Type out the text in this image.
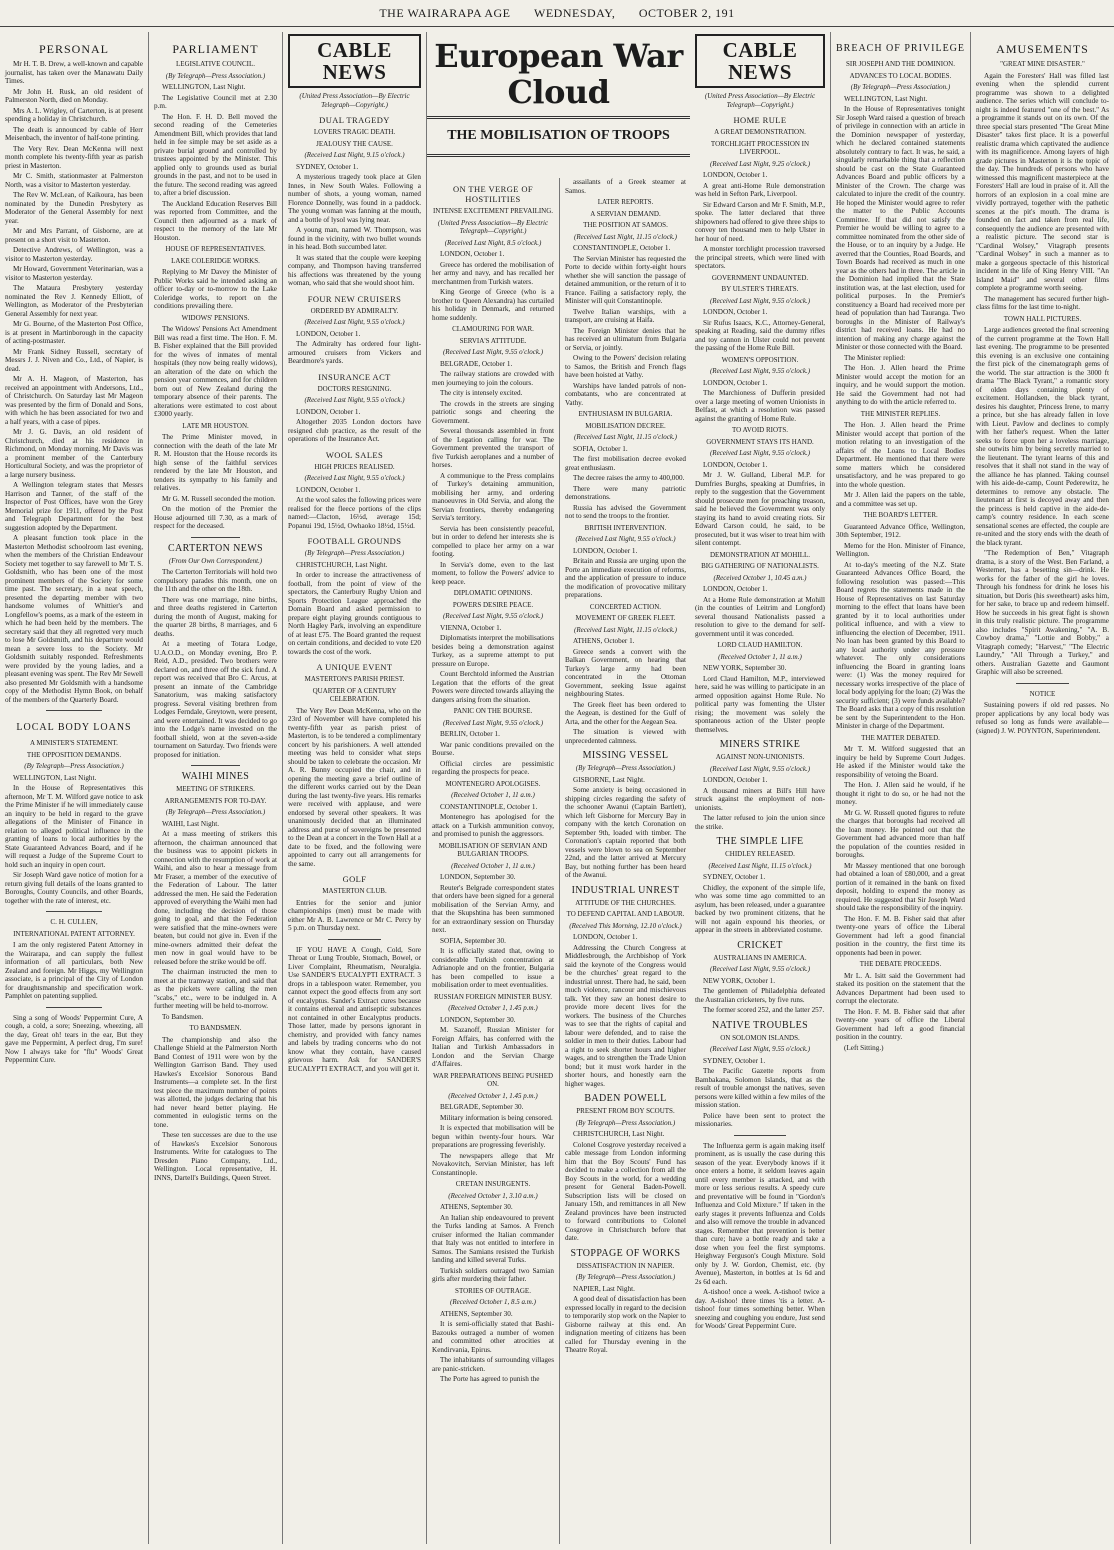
THE WAIRARAPA AGE WEDNESDAY, OCTOBER 2, 191
PERSONAL

Mr H. T. B. Drew, a well-known and capable journalist, has taken over the Manawatu Daily Times.

Mr John H. Rusk, an old resident of Palmerston North, died on Monday.

Mrs A. L. Wrigley, of Carterton, is at present spending a holiday in Christchurch.

The death is announced by cable of Herr Meisenbach, the inventor of half-tone printing.

The Very Rev. Dean McKenna will next month complete his twenty-fifth year as parish priest in Masterton.

Mr C. Smith, stationmaster at Palmerston North, was a visitor to Masterton yesterday.

The Rev W. McLean, of Kaikoura, has been nominated by the Dunedin Presbytery as Moderator of the General Assembly for next year.

Mr and Mrs Parrant, of Gisborne, are at present on a short visit to Masterton.

Detective Andrews, of Wellington, was a visitor to Masterton yesterday.

Mr Howard, Government Veterinarian, was a visitor to Masterton yesterday.

The Mataura Presbytery yesterday nominated the Rev J. Kennedy Elliott, of Wellington, as Moderator of the Presbyterian General Assembly for next year.

Mr G. Bourne, of the Masterton Post Office, is at present in Martinborough in the capacity of acting-postmaster.

Mr Frank Sidney Russell, secretary of Messrs J. J. Niven and Co., Ltd., of Napier, is dead.

Mr A. H. Mageon, of Masterton, has received an appointment with Andersons, Ltd., of Christchurch. On Saturday last Mr Mageon was presented by the firm of Donald and Sons, with which he has been associated for two and a half years, with a case of pipes.

Mr J. G. Davis, an old resident of Christchurch, died at his residence in Richmond, on Monday morning. Mr Davis was a prominent member of the Canterbury Horticultural Society, and was the proprietor of a large nursery business.

A Wellington telegram states that Messrs Harrison and Tanner, of the staff of the Inspector of Post Offices, have won the Grey Memorial prize for 1911, offered by the Post and Telegraph Department for the best suggestion adopted by the Department.

A pleasant function took place in the Masterton Methodist schoolroom last evening, when the members of the Christian Endeavour Society met together to say farewell to Mr T. S. Goldsmith, who has been one of the most prominent members of the Society for some time past. The secretary, in a neat speech, presented the departing member with two handsome volumes of Whittier's and Longfellow's poems, as a mark of the esteem in which he had been held by the members. The secretary said that they all regretted very much to lose Mr Goldsmith, and his departure would mean a severe loss to the Society. Mr Goldsmith suitably responded. Refreshments were provided by the young ladies, and a pleasant evening was spent. The Rev Mr Sewell also presented Mr Goldsmith with a handsome copy of the Methodist Hymn Book, on behalf of the members of the Quarterly Board.

LOCAL BODY LOANS
A MINISTER'S STATEMENT.
THE OPPOSITION DEMANDS.
(By Telegraph—Press Association.)

WELLINGTON, Last Night.

In the House of Representatives this afternoon, Mr T. M. Wilford gave notice to ask the Prime Minister if he will immediately cause an inquiry to be held in regard to the grave allegations of the Minister of Finance in relation to alleged political influence in the granting of loans to local authorities by the State Guaranteed Advances Board, and if he will request a Judge of the Supreme Court to hold such an inquiry in open court.

Sir Joseph Ward gave notice of motion for a return giving full details of the loans granted to Boroughs, County Councils, and other Boards, together with the rate of interest, etc.

C. H. CULLEN,
INTERNATIONAL PATENT ATTORNEY.

I am the only registered Patent Attorney in the Wairarapa, and can supply the fullest information of all particulars, both New Zealand and foreign. Mr Higgs, my Wellington associate, is a principal of the City of London for draughtsmanship and specification work. Pamphlet on patenting supplied.

Sing a song of Woods' Peppermint Cure, A cough, a cold, a sore; Sneezing, wheezing, all the day, Great oh! tears in the ear, But they gave me Peppermint, A perfect drug, I'm sure! Now I always take for "flu" Woods' Great Peppermint Cure.

PARLIAMENT
LEGISLATIVE COUNCIL.
(By Telegraph—Press Association.)

WELLINGTON, Last Night.

The Legislative Council met at 2.30 p.m.

The Hon. F. H. D. Bell moved the second reading of the Cemeteries Amendment Bill, which provides that land held in fee simple may be set aside as a private burial ground and controlled by trustees appointed by the Minister. This applied only to grounds used as burial grounds in the past, and not to be used in the future. The second reading was agreed to, after a brief discussion.

The Auckland Education Reserves Bill was reported from Committee, and the Council then adjourned as a mark of respect to the memory of the late Mr Houston.

HOUSE OF REPRESENTATIVES.
LAKE COLERIDGE WORKS.

Replying to Mr Davey the Minister of Public Works said he intended asking an officer to-day or to-morrow to the Lake Coleridge works, to report on the conditions prevailing there.

WIDOWS' PENSIONS.

The Widows' Pensions Act Amendment Bill was read a first time. The Hon. F. M. B. Fisher explained that the Bill provided for the wives of inmates of mental hospitals (they now being really widows), an alteration of the date on which the pension year commences, and for children born out of New Zealand during the temporary absence of their parents. The alterations were estimated to cost about £3000 yearly.

LATE MR HOUSTON.

The Prime Minister moved, in connection with the death of the late Mr R. M. Houston that the House records its high sense of the faithful services rendered by the late Mr Houston, and tenders its sympathy to his family and relatives.

Mr G. M. Russell seconded the motion.

On the motion of the Premier the House adjourned till 7.30, as a mark of respect for the deceased.

CARTERTON NEWS
(From Our Own Correspondent.)

The Carterton Territorials will hold two compulsory parades this month, one on the 11th and the other on the 18th.

There was one marriage, nine births, and three deaths registered in Carterton during the month of August, making for the quarter 28 births, 8 marriages, and 6 deaths.

At a meeting of Totara Lodge, U.A.O.D., on Monday evening, Bro P. Reid, A.D., presided. Two brothers were declared on, and three off the sick fund. A report was received that Bro C. Arcus, at present an inmate of the Cambridge Sanatorium, was making satisfactory progress. Several visiting brethren from Lodges Ferndale, Greytown, were present, and were entertained. It was decided to go into the Lodge's name invested on the football shield, won at the seven-a-side tournament on Saturday. Two friends were proposed for initiation.

WAIHI MINES
MEETING OF STRIKERS.
ARRANGEMENTS FOR TO-DAY.
(By Telegraph—Press Association.)

WAIHI, Last Night.

At a mass meeting of strikers this afternoon, the chairman announced that the business was to appoint pickets in connection with the resumption of work at Waihi, and also to hear a message from Mr Fraser, a member of the executive of the Federation of Labour. The latter addressed the men. He said the Federation approved of everything the Waihi men had done, including the decision of those going to goal, and that the Federation were satisfied that the mine-owners were beaten, but could not give in. Even if the mine-owners admitted their defeat the men now in goal would have to be released before the strike would be off.

The chairman instructed the men to meet at the tramway station, and said that as the pickets were calling the men "scabs," etc., were to be indulged in. A further meeting will be held to-morrow.

To Bandsmen.

TO BANDSMEN.

The championship and also the Challenge Shield at the Palmerston North Band Contest of 1911 were won by the Wellington Garrison Band. They used Hawkes's Excelsior Sonorous Band Instruments—a complete set. In the first test piece the maximum number of points was allotted, the judges declaring that his had never heard better playing. He commented in eulogistic terms on the tone.

These ten successes are due to the use of Hawkes's Excelsior Sonorous Instruments. Write for catalogues to The Dresden Piano Company, Ltd., Wellington. Local representative, H. INNS, Dartell's Buildings, Queen Street.

CABLE NEWS
(United Press Association—By Electric Telegraph—Copyright.)
DUAL TRAGEDY
LOVERS TRAGIC DEATH.
JEALOUSY THE CAUSE.
(Received Last Night, 9.15 o'clock.)

SYDNEY, October 1.

A mysterious tragedy took place at Glen Innes, in New South Wales. Following a number of shots, a young woman, named Florence Donnelly, was found in a paddock. The young woman was fanning at the mouth, and a bottle of lysol was lying near.

A young man, named W. Thompson, was found in the vicinity, with two bullet wounds in his head. Both succumbed later.

It was stated that the couple were keeping company, and Thompson having transferred his affections was threatened by the young woman, who said that she would shoot him.

FOUR NEW CRUISERS
ORDERED BY ADMIRALTY.
(Received Last Night, 9.55 o'clock.)

LONDON, October 1.

The Admiralty has ordered four light-armoured cruisers from Vickers and Beardmore's yards.

INSURANCE ACT
DOCTORS RESIGNING.
(Received Last Night, 9.55 o'clock.)

LONDON, October 1.

Altogether 2035 London doctors have resigned club practice, as the result of the operations of the Insurance Act.

WOOL SALES
HIGH PRICES REALISED.
(Received Last Night, 9.55 o'clock.)

LONDON, October 1.

At the wool sales the following prices were realised for the fleece portions of the clips named:—Clacton, 16½d, average 15d; Popanui 19d, 15½d, Owhaoko 18½d, 15½d.

FOOTBALL GROUNDS
(By Telegraph—Press Association.)

CHRISTCHURCH, Last Night.

In order to increase the attractiveness of football, from the point of view of the spectators, the Canterbury Rugby Union and Sports Protection League approached the Domain Board and asked permission to prepare eight playing grounds contiguous to North Hagley Park, involving an expenditure of at least £75. The Board granted the request on certain conditions, and decided to vote £20 towards the cost of the work.

A UNIQUE EVENT
MASTERTON'S PARISH PRIEST.
QUARTER OF A CENTURY CELEBRATION.

The Very Rev Dean McKenna, who on the 23rd of November will have completed his twenty-fifth year as parish priest of Masterton, is to be tendered a complimentary concert by his parishioners. A well attended meeting was held to consider what steps should be taken to celebrate the occasion. Mr A. R. Bunny occupied the chair, and in opening the meeting gave a brief outline of the different works carried out by the Dean during the last twenty-five years. His remarks were received with applause, and were endorsed by several other speakers. It was unanimously decided that an illuminated address and purse of sovereigns be presented to the Dean at a concert in the Town Hall at a date to be fixed, and the following were appointed to carry out all arrangements for the same.

GOLF
MASTERTON CLUB.

Entries for the senior and junior championships (men) must be made with either Mr A. B. Lawrence or Mr C. Percy by 5 p.m. on Thursday next.

IF YOU HAVE A Cough, Cold, Sore Throat or Lung Trouble, Stomach, Bowel, or Liver Complaint, Rheumatism, Neuralgia. Use SANDER'S EUCALYPTI EXTRACT. 3 drops in a tablespoon water. Remember, you cannot expect the good effects from any sort of eucalyptus. Sander's Extract cures because it contains ethereal and antiseptic substances not contained in other Eucalyptus products. Those latter, made by persons ignorant in chemistry, and provided with fancy names and labels by trading concerns who do not know what they contain, have caused grievous harm. Ask for SANDER'S EUCALYPTI EXTRACT, and you will get it.

European War Cloud
THE MOBILISATION OF TROOPS
ON THE VERGE OF HOSTILITIES
INTENSE EXCITEMENT PREVAILING.
(United Press Association—By Electric Telegraph—Copyright.)
(Received Last Night, 8.5 o'clock.)

LONDON, October 1.

Greece has ordered the mobilisation of her army and navy, and has recalled her merchantmen from Turkish waters.

King George of Greece (who is a brother to Queen Alexandra) has curtailed his holiday in Denmark, and returned home suddenly.

CLAMOURING FOR WAR.
SERVIA'S ATTITUDE.
(Received Last Night, 9.55 o'clock.)

BELGRADE, October 1.

The railway stations are crowded with men journeying to join the colours.

The city is intensely excited.

The crowds in the streets are singing patriotic songs and cheering the Government.

Several thousands assembled in front of the Legation calling for war. The Government prevented the transport of five Turkish aeroplanes and a number of horses.

A communique to the Press complains of Turkey's detaining ammunition, mobilising her army, and ordering manoeuvres in Old Servia, and along the Servian frontiers, thereby endangering Servia's territory.

Servia has been consistently peaceful, but in order to defend her interests she is compelled to place her army on a war footing.

In Servia's dome, even to the last moment, to follow the Powers' advice to keep peace.

DIPLOMATIC OPINIONS.
POWERS DESIRE PEACE.
(Received Last Night, 9.55 o'clock.)

VIENNA, October 1.

Diplomatists interpret the mobilisations besides being a demonstration against Turkey, as a supreme attempt to put pressure on Europe.

Count Berchtold informed the Austrian Legation that the efforts of the great Powers were directed towards allaying the dangers arising from the situation.

PANIC ON THE BOURSE.
(Received Last Night, 9.55 o'clock.)

BERLIN, October 1.

War panic conditions prevailed on the Bourse.

Official circles are pessimistic regarding the prospects for peace.

MONTENEGRO APOLOGISES.
(Received October 1, 11 a.m.)

CONSTANTINOPLE, October 1.

Montenegro has apologised for the attack on a Turkish ammunition convoy, and promised to punish the aggressors.

MOBILISATION OF SERVIAN AND BULGARIAN TROOPS.
(Received October 1, 11 a.m.)

LONDON, September 30.

Reuter's Belgrade correspondent states that orders have been signed for a general mobilisation of the Servian Army, and that the Skupshtina has been summoned for an extraordinary session on Thursday next.

SOFIA, September 30.

It is officially stated that, owing to considerable Turkish concentration at Adrianople and on the frontier, Bulgaria has been compelled to issue a mobilisation order to meet eventualities.

RUSSIAN FOREIGN MINISTER BUSY.
(Received October 1, 1.45 p.m.)

LONDON, September 30.

M. Sazanoff, Russian Minister for Foreign Affairs, has conferred with the Italian and Turkish Ambassadors in London and the Servian Charge d'Affaires.

WAR PREPARATIONS BEING PUSHED ON.
(Received October 1, 1.45 p.m.)

BELGRADE, September 30.

Military information is being censored.

It is expected that mobilisation will be begun within twenty-four hours. War preparations are progressing feverishly.

The newspapers allege that Mr Novakovitch, Servian Minister, has left Constantinople.

CRETAN INSURGENTS.
(Received October 1, 3.10 a.m.)

ATHENS, September 30.

An Italian ship endeavoured to prevent the Turks landing at Samos. A French cruiser informed the Italian commander that Italy was not entitled to interfere in Samos. The Samians resisted the Turkish landing and killed several Turks.

Turkish soldiers outraged two Samian girls after murdering their father.

STORIES OF OUTRAGE.
(Received October 1, 8.5 a.m.)

ATHENS, September 30.

It is semi-officially stated that Bashi-Bazouks outraged a number of women and committed other atrocities at Kendirvania, Epirus.

The inhabitants of surrounding villages are panic-stricken.

The Porte has agreed to punish the

assailants of a Greek steamer at Samos.

LATER REPORTS.
A SERVIAN DEMAND.
THE POSITION AT SAMOS.
(Received Last Night, 11.15 o'clock.)

CONSTANTINOPLE, October 1.

The Servian Minister has requested the Porte to decide within forty-eight hours whether she will sanction the passage of detained ammunition, or the return of it to France. Failing a satisfactory reply, the Minister will quit Constantinople.

Twelve Italian warships, with a transport, are cruising at Haifa.

The Foreign Minister denies that he has received an ultimatum from Bulgaria or Servia, or jointly.

Owing to the Powers' decision relating to Samos, the British and French flags have been hoisted at Vathy.

Warships have landed patrols of non-combatants, who are concentrated at Vathy.

ENTHUSIASM IN BULGARIA.
MOBILISATION DECREE.
(Received Last Night, 11.15 o'clock.)

SOFIA, October 1.

The first mobilisation decree evoked great enthusiasm.

The decree raises the army to 400,000.

There were many patriotic demonstrations.

Russia has advised the Government not to send the troops to the frontier.

BRITISH INTERVENTION.
(Received Last Night, 9.55 o'clock.)

LONDON, October 1.

Britain and Russia are urging upon the Porte an immediate execution of reforms, and the application of pressure to induce the modification of provocative military preparations.

CONCERTED ACTION.
MOVEMENT OF GREEK FLEET.
(Received Last Night, 11.15 o'clock.)

ATHENS, October 1.

Greece sends a convert with the Balkan Government, on hearing that Turkey's large army had been concentrated in the Ottoman Government, seeking Issue against neighbouring States.

The Greek fleet has been ordered to the Aegean, is destined for the Gulf of Arta, and the other for the Aegean Sea.

The situation is viewed with unprecedented calmness.

MISSING VESSEL
(By Telegraph—Press Association.)

GISBORNE, Last Night.

Some anxiety is being occasioned in shipping circles regarding the safety of the schooner Awanui (Captain Bartlett), which left Gisborne for Mercury Bay in company with the ketch Coronation on September 9th, loaded with timber. The Coronation's captain reported that both vessels were blown to sea on September 22nd, and the latter arrived at Mercury Bay, but nothing further has been heard of the Awanui.

INDUSTRIAL UNREST
ATTITUDE OF THE CHURCHES.
TO DEFEND CAPITAL AND LABOUR.
(Received This Morning, 12.10 o'clock.)

LONDON, October 1.

Addressing the Church Congress at Middlesbrough, the Archbishop of York said the keynote of the Congress would be the churches' great regard to the industrial unrest. There had, he said, been much violence, rancour and mischievous talk. Yet they saw an honest desire to provide more decent lives for the workers. The business of the Churches was to see that the rights of capital and labour were defended, and to raise the soldier in men to their duties. Labour had a right to seek shorter hours and higher wages, and to strengthen the Trade Union bond; but it must work harder in the shorter hours, and honestly earn the higher wages.

BADEN POWELL
PRESENT FROM BOY SCOUTS.
(By Telegraph—Press Association.)

CHRISTCHURCH, Last Night.

Colonel Cosgrove yesterday received a cable message from London informing him that the Boy Scouts' Fund has decided to make a collection from all the Boy Scouts in the world, for a wedding present for General Baden-Powell. Subscription lists will be closed on January 15th, and remittances in all New Zealand provinces have been instructed to forward contributions to Colonel Cosgrove in Christchurch before that date.

STOPPAGE OF WORKS
DISSATISFACTION IN NAPIER.
(By Telegraph—Press Association.)

NAPIER, Last Night.

A good deal of dissatisfaction has been expressed locally in regard to the decision to temporarily stop work on the Napier to Gisborne railway at this end. An indignation meeting of citizens has been called for Thursday evening in the Theatre Royal.

CABLE NEWS
(United Press Association—By Electric Telegraph—Copyright.)
HOME RULE
A GREAT DEMONSTRATION.
TORCHLIGHT PROCESSION IN LIVERPOOL.
(Received Last Night, 9.25 o'clock.)

LONDON, October 1.

A great anti-Home Rule demonstration was held in Sefton Park, Liverpool.

Sir Edward Carson and Mr F. Smith, M.P., spoke. The latter declared that three shipowners had offered to give three ships to convey ten thousand men to help Ulster in her hour of need.

A monster torchlight procession traversed the principal streets, which were lined with spectators.

GOVERNMENT UNDAUNTED.
BY ULSTER'S THREATS.
(Received Last Night, 9.55 o'clock.)

LONDON, October 1.

Sir Rufus Isaacs, K.C., Attorney-General, speaking at Reading, said the dummy rifles and toy cannon in Ulster could not prevent the passing of the Home Rule Bill.

WOMEN'S OPPOSITION.
(Received Last Night, 9.55 o'clock.)

LONDON, October 1.

The Marchioness of Dufferin presided over a large meeting of women Unionists in Belfast, at which a resolution was passed against the granting of Home Rule.

TO AVOID RIOTS.
GOVERNMENT STAYS ITS HAND.
(Received Last Night, 9.55 o'clock.)

LONDON, October 1.

Mr J. W. Gulland, Liberal M.P. for Dumfries Burghs, speaking at Dumfries, in reply to the suggestion that the Government should prosecute men for preaching treason, said he believed the Government was only staying its hand to avoid creating riots. Sir Edward Carson could, he said, to be prosecuted, but it was wiser to treat him with silent contempt.

DEMONSTRATION AT MOHILL.
BIG GATHERING OF NATIONALISTS.
(Received October 1, 10.45 a.m.)

LONDON, October 1.

At a Home Rule demonstration at Mohill (in the counties of Leitrim and Longford) several thousand Nationalists passed a resolution to give to the demand for self-government until it was conceded.

LORD CLAUD HAMILTON.
(Received October 1, 11 a.m.)

NEW YORK, September 30.

Lord Claud Hamilton, M.P., interviewed here, said he was willing to participate in an armed opposition against Home Rule. No political party was fomenting the Ulster rising; the movement was solely the spontaneous action of the Ulster people themselves.

MINERS STRIKE
AGAINST NON-UNIONISTS.
(Received Last Night, 9.55 o'clock.)

LONDON, October 1.

A thousand miners at Bill's Hill have struck against the employment of non-unionists.

The latter refused to join the union since the strike.

THE SIMPLE LIFE
CHIDLEY RELEASED.
(Received Last Night, 11.15 o'clock.)

SYDNEY, October 1.

Chidley, the exponent of the simple life, who was some time ago committed to an asylum, has been released, under a guarantee backed by two prominent citizens, that he will not again expound his theories, or appear in the streets in abbreviated costume.

CRICKET
AUSTRALIANS IN AMERICA.
(Received Last Night, 9.55 o'clock.)

NEW YORK, October 1.

The gentlemen of Philadelphia defeated the Australian cricketers, by five runs.

The former scored 252, and the latter 257.

NATIVE TROUBLES
ON SOLOMON ISLANDS.
(Received Last Night, 9.55 o'clock.)

SYDNEY, October 1.

The Pacific Gazette reports from Bambakana, Solomon Islands, that as the result of trouble amongst the natives, seven persons were killed within a few miles of the mission station.

Police have been sent to protect the missionaries.

The Influenza germ is again making itself prominent, as is usually the case during this season of the year. Everybody knows if it once enters a home, it seldom leaves again until every member is attacked, and with more or less serious results. A speedy cure and preventative will be found in "Gordon's Influenza and Cold Mixture." If taken in the early stages it prevents Influenza and Colds and also will remove the trouble in advanced stages. Remember that prevention is better than cure; have a bottle ready and take a dose when you feel the first symptoms. Heighway Ferguson's Cough Mixture. Sold only by J. W. Gordon, Chemist, etc. (by Avenue), Masterton, in bottles at 1s 6d and 2s 6d each.

A-tishoo! once a week. A-tishoo! twice a day. A-tishoo! three times 'tis a letter. A-tishoo! four times something better. When sneezing and coughing you endure, Just send for Woods' Great Peppermint Cure.

BREACH OF PRIVILEGE
SIR JOSEPH AND THE DOMINION.
ADVANCES TO LOCAL BODIES.
(By Telegraph—Press Association.)

WELLINGTON, Last Night.

In the House of Representatives tonight Sir Joseph Ward raised a question of breach of privilege in connection with an article in the Dominion newspaper of yesterday, which he declared contained statements absolutely contrary to fact. It was, he said, a singularly remarkable thing that a reflection should be cast on the State Guaranteed Advances Board and public officers by a Minister of the Crown. The charge was calculated to injure the credit of the country. He hoped the Minister would agree to refer the matter to the Public Accounts Committee. If that did not satisfy the Premier he would be willing to agree to a committee nominated from the other side of the House, or to an inquiry by a Judge. He averred that the Counties, Road Boards, and Town Boards had received as much in one year as the others had in three. The article in the Dominion had implied that the State institution was, at the last election, used for political purposes. In the Premier's constituency a Board had received more per head of population than had Tauranga. Two boroughs in the Minister of Railway's district had received loans. He had no intention of making any charge against the Minister or those connected with the Board.

The Minister replied:

The Hon. J. Allen heard the Prime Minister would accept the motion for an inquiry, and he would support the motion. He said the Government had not had anything to do with the article referred to.

THE MINISTER REPLIES.

The Hon. J. Allen heard the Prime Minister would accept that portion of the motion relating to an investigation of the affairs of the Loans to Local Bodies Department. He mentioned that there were some matters which he considered unsatisfactory, and he was prepared to go into the whole question.

Mr J. Allen laid the papers on the table, and a committee was set up.

THE BOARD'S LETTER.

Guaranteed Advance Office, Wellington, 30th September, 1912.

Memo for the Hon. Minister of Finance, Wellington.

At to-day's meeting of the N.Z. State Guaranteed Advances Office Board, the following resolution was passed:—This Board regrets the statements made in the House of Representatives on last Saturday morning to the effect that loans have been granted by it to local authorities under political influence, and with a view to influencing the election of December, 1911. No loan has been granted by this Board to any local authority under any pressure whatever. The only considerations influencing the Board in granting loans were: (1) Was the money required for necessary works irrespective of the place of local body applying for the loan; (2) Was the security sufficient; (3) were funds available? The Board asks that a copy of this resolution be sent by the Superintendent to the Hon. Minister in charge of the Department.

THE MATTER DEBATED.

Mr T. M. Wilford suggested that an inquiry be held by Supreme Court Judges. He asked if the Minister would take the responsibility of vetoing the Board.

The Hon. J. Allen said he would, if he thought it right to do so, or he had not the money.

Mr G. W. Russell quoted figures to refute the charges that boroughs had received all the loan money. He pointed out that the Government had advanced more than half the population of the counties resided in boroughs.

Mr Massey mentioned that one borough had obtained a loan of £80,000, and a great portion of it remained in the bank on fixed deposit, holding to expend the money as required. He suggested that Sir Joseph Ward should take the responsibility of the inquiry.

The Hon. F. M. B. Fisher said that after twenty-one years of office the Liberal Government had left a good financial position in the country, the first time its opponents had been in power.

THE DEBATE PROCEEDS.

Mr L. A. Isitt said the Government had staked its position on the statement that the Advances Department had been used to corrupt the electorate.

The Hon. F. M. B. Fisher said that after twenty-one years of office the Liberal Government had left a good financial position in the country.

(Left Sitting.)

AMUSEMENTS
"GREAT MINE DISASTER."

Again the Foresters' Hall was filled last evening when the splendid current programme was shown to a delighted audience. The series which will conclude to-night is indeed featured "one of the best." As a programme it stands out on its own. Of the three special stars presented "The Great Mine Disaster" takes first place. It is a powerful realistic drama which captivated the audience with its magnificence. Among layers of high grade pictures in Masterton it is the topic of the day. The hundreds of persons who have witnessed this magnificent masterpiece at the Foresters' Hall are loud in praise of it. All the horrors of an explosion in a coal mine are vividly portrayed, together with the pathetic scenes at the pit's mouth. The drama is founded on fact and taken from real life, consequently the audience are presented with a realistic picture. The second star is "Cardinal Wolsey," Vitagraph presents "Cardinal Wolsey" in such a manner as to make a gorgeous spectacle of this historical incident in the life of King Henry VIII. "An Island Maid" and several other films complete a programme worth seeing.

The management has secured further high-class films for the last time to-night.

TOWN HALL PICTURES.

Large audiences greeted the final screening of the current programme at the Town Hall last evening. The programme to be presented this evening is an exclusive one containing the first pick of the cinematograph gems of the world. The star attraction is the 3000 ft drama "The Black Tyrant," a romantic story of olden days containing plenty of excitement. Hollandsen, the black tyrant, desires his daughter, Princess Irene, to marry a prince, but she has already fallen in love with Lieut. Pavlow and declines to comply with her father's request. When the latter seeks to force upon her a loveless marriage, she outwits him by being secretly married to the lieutenant. The tyrant learns of this and resolves that it shall not stand in the way of the alliance he has planned. Taking counsel with his aide-de-camp, Count Pederewitz, he determines to remove any obstacle. The lieutenant at first is decoyed away and then the princess is held captive in the aide-de-camp's country residence. In each scene sensational scenes are effected, the couple are re-united and the story ends with the death of the black tyrant.

"The Redemption of Ben," Vitagraph drama, is a story of the West. Ben Farland, a Westerner, has a besetting sin—drink. He works for the father of the girl he loves. Through his fondness for drink he loses his situation, but Doris (his sweetheart) asks him, for her sake, to brace up and redeem himself. How he succeeds in his great fight is shown in this truly realistic picture. The programme also includes "Spirit Awakening," "A. B. Cowboy drama," "Lottie and Bobby," a Vitagraph comedy; "Harvest," "The Electric Laundry," "All Through a Turkey," and others. Australian Gazette and Gaumont Graphic will also be screened.

NOTICE

Sustaining powers if old red passes. No proper applications by any local body was refused so long as funds were available—(signed) J. W. POYNTON, Superintendent.
